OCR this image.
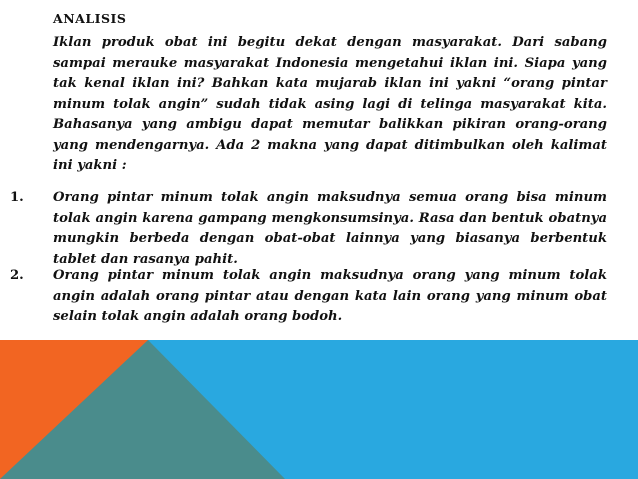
ANALISIS

Iklan produk obat ini begitu dekat dengan masyarakat. Dari sabang sampai merauke masyarakat Indonesia mengetahui iklan ini. Siapa yang tak kenal iklan ini? Bahkan kata mujarab iklan ini yakni “orang pintar minum tolak angin” sudah tidak asing lagi di telinga masyarakat kita. Bahasanya yang ambigu dapat memutar balikkan pikiran orang-orang yang mendengarnya. Ada 2 makna yang dapat ditimbulkan oleh kalimat ini yakni :

1. Orang pintar minum tolak angin maksudnya semua orang bisa minum tolak angin karena gampang mengkonsumsinya. Rasa dan bentuk obatnya mungkin berbeda dengan obat-obat lainnya yang biasanya berbentuk tablet dan rasanya pahit.

2. Orang pintar minum tolak angin maksudnya orang yang minum tolak angin adalah orang pintar atau dengan kata lain orang yang minum obat selain tolak angin adalah orang bodoh.
